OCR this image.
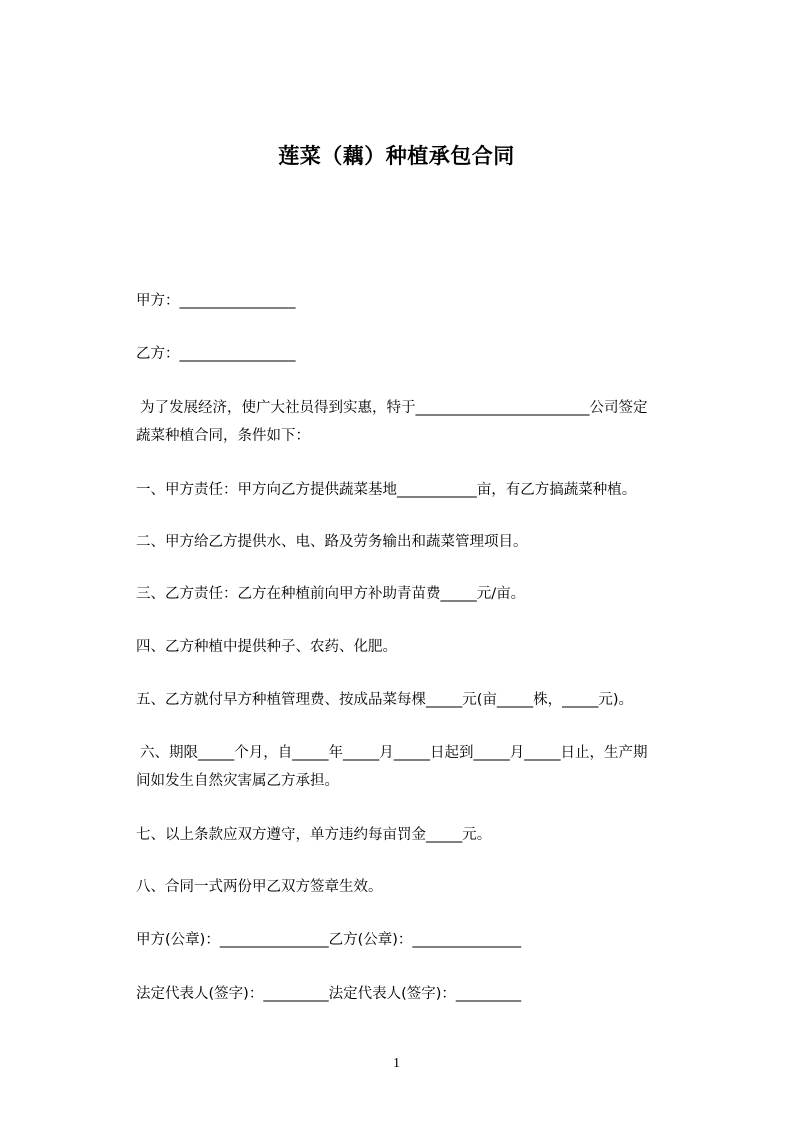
莲菜（藕）种植承包合同
甲方：________________
乙方：________________
为了发展经济，使广大社员得到实惠，特于________________________公司签定
蔬菜种植合同，条件如下：
一、甲方责任：甲方向乙方提供蔬菜基地___________亩，有乙方搞蔬菜种植。
二、甲方给乙方提供水、电、路及劳务输出和蔬菜管理项目。
三、乙方责任：乙方在种植前向甲方补助青苗费_____元/亩。
四、乙方种植中提供种子、农药、化肥。
五、乙方就付早方种植管理费、按成品菜每棵_____元(亩_____株，_____元)。
六、期限_____个月，自_____年_____月_____日起到_____月_____日止，生产期
间如发生自然灾害属乙方承担。
七、以上条款应双方遵守，单方违约每亩罚金_____元。
八、合同一式两份甲乙双方签章生效。
甲方(公章)：_______________乙方(公章)：_______________
法定代表人(签字)：_________法定代表人(签字)：_________
1
